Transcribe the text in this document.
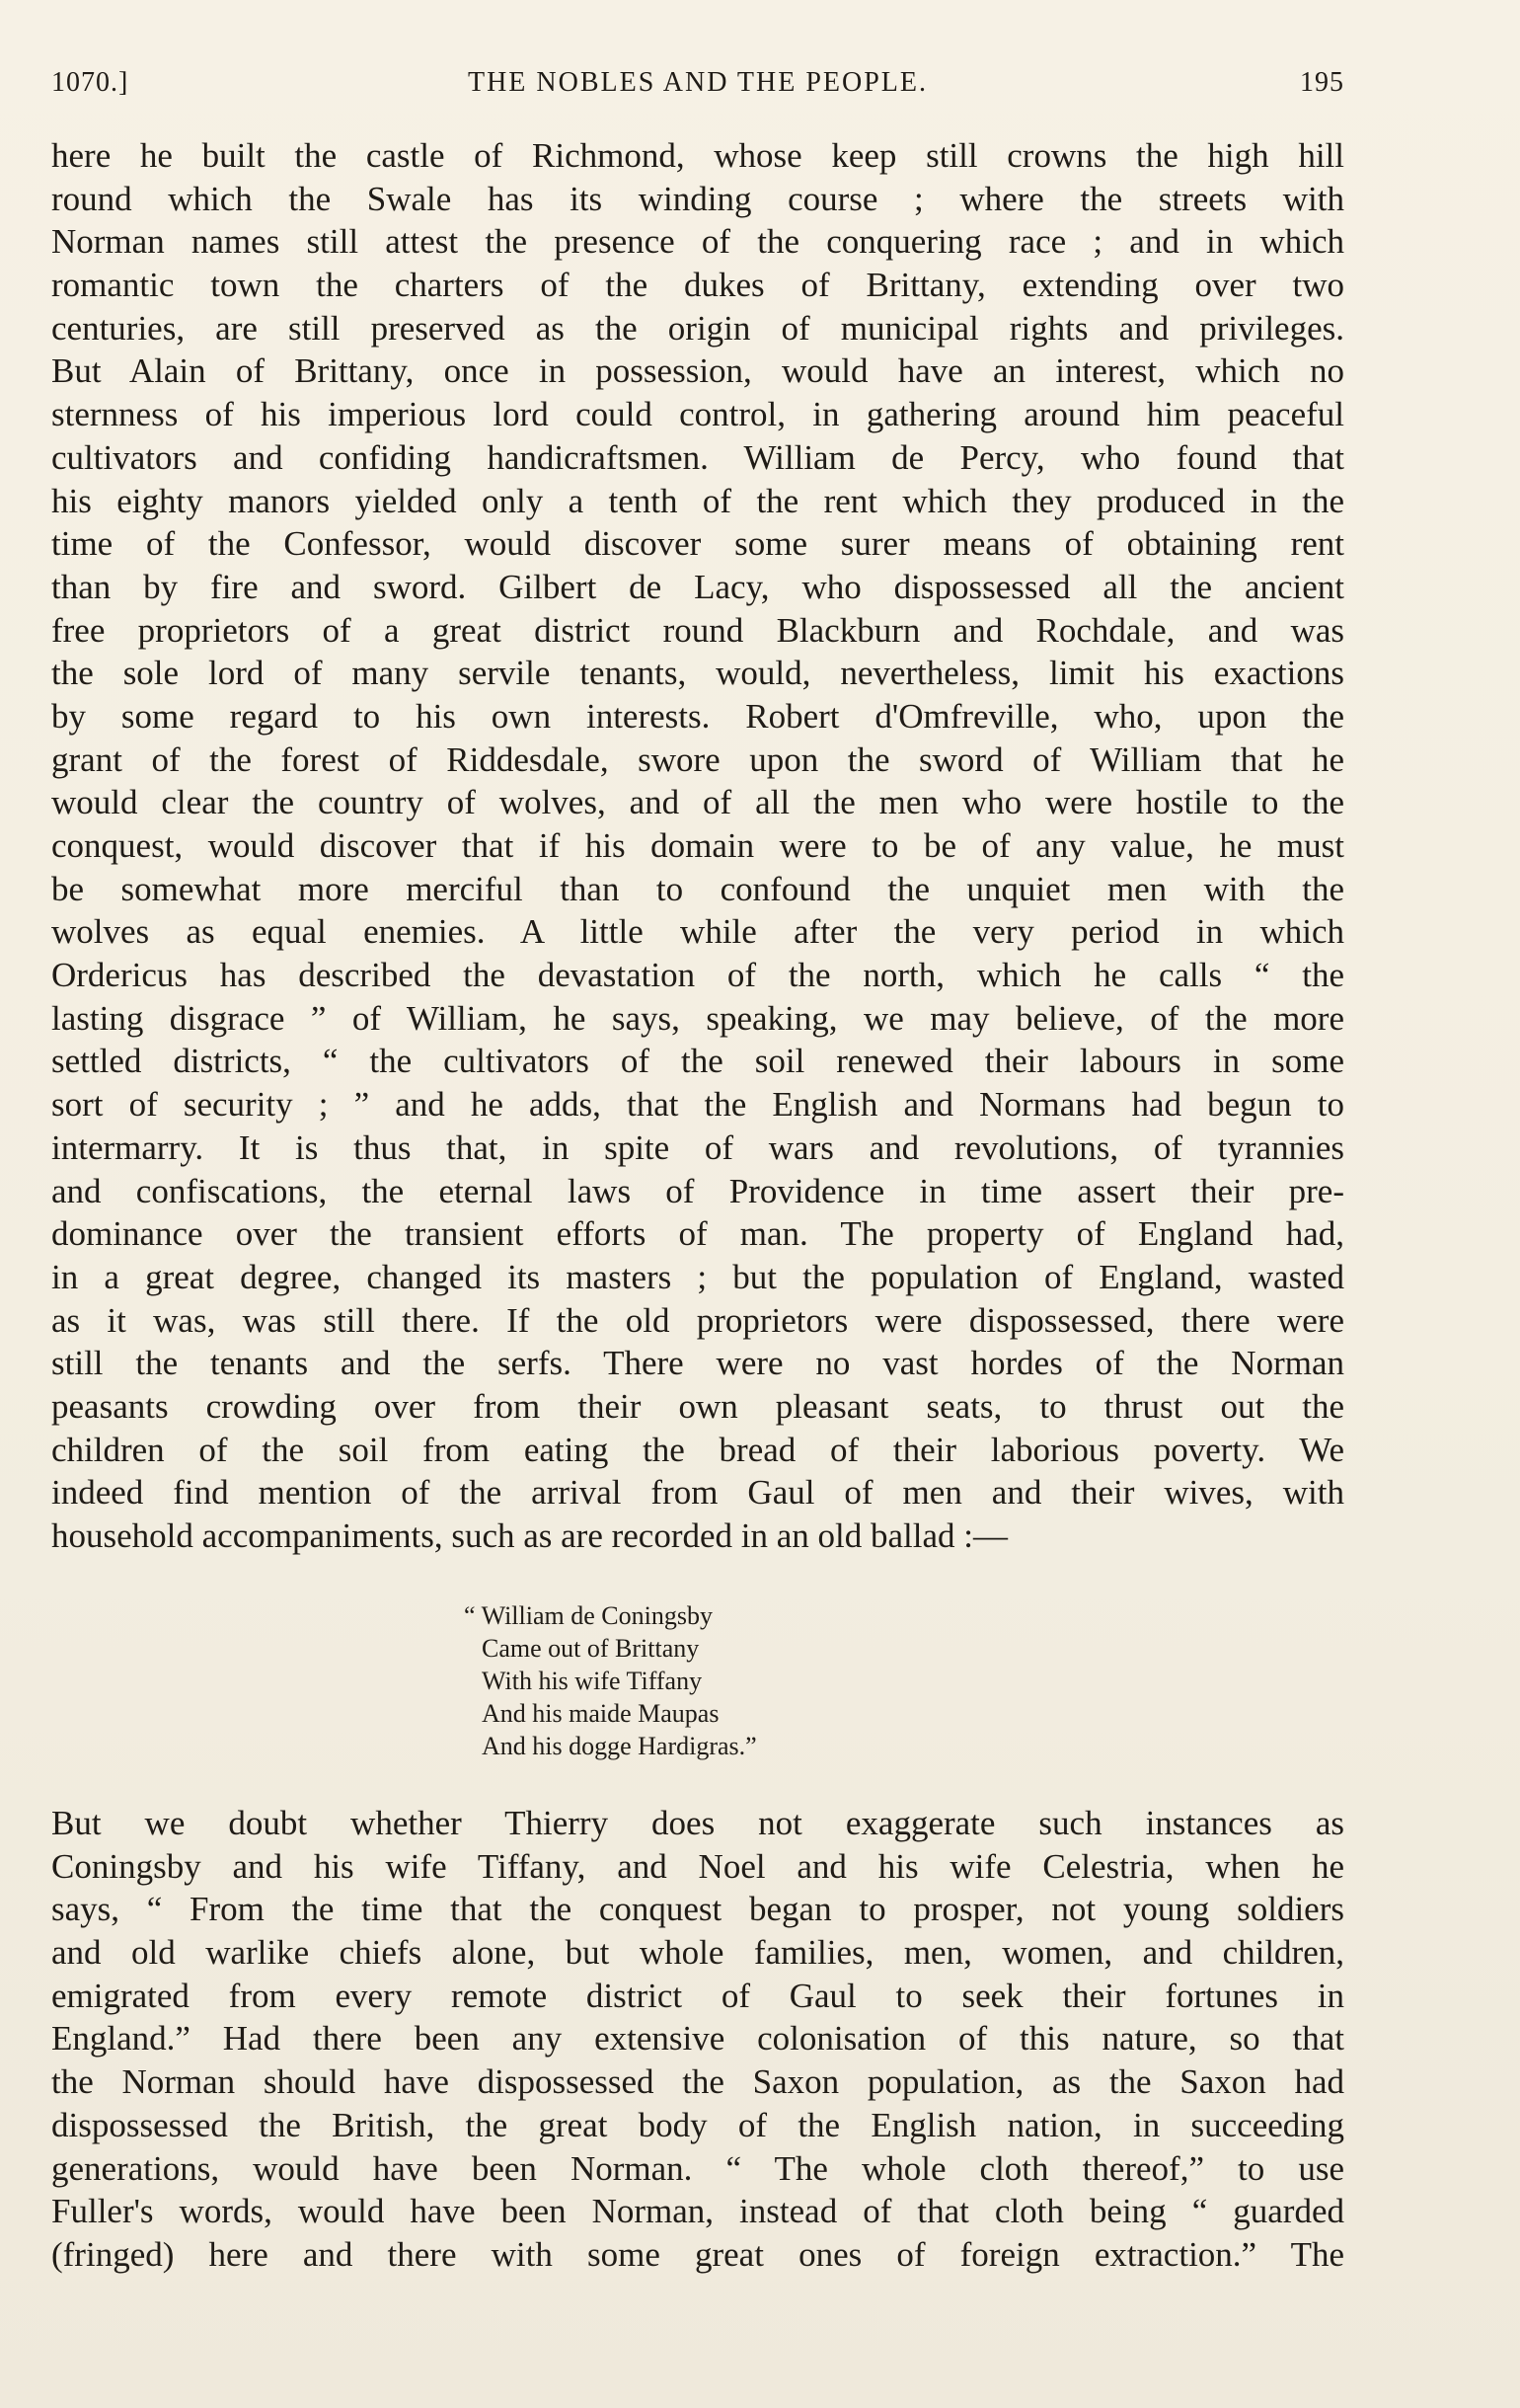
1070.]	THE NOBLES AND THE PEOPLE.	195
here he built the castle of Richmond, whose keep still crowns the high hill
round which the Swale has its winding course ; where the streets with
Norman names still attest the presence of the conquering race ; and in which
romantic town the charters of the dukes of Brittany, extending over two
centuries, are still preserved as the origin of municipal rights and privileges.
But Alain of Brittany, once in possession, would have an interest, which no
sternness of his imperious lord could control, in gathering around him peaceful
cultivators and confiding handicraftsmen. William de Percy, who found that
his eighty manors yielded only a tenth of the rent which they produced in the
time of the Confessor, would discover some surer means of obtaining rent
than by fire and sword. Gilbert de Lacy, who dispossessed all the ancient
free proprietors of a great district round Blackburn and Rochdale, and was
the sole lord of many servile tenants, would, nevertheless, limit his exactions
by some regard to his own interests. Robert d'Omfreville, who, upon the
grant of the forest of Riddesdale, swore upon the sword of William that he
would clear the country of wolves, and of all the men who were hostile to the
conquest, would discover that if his domain were to be of any value, he must
be somewhat more merciful than to confound the unquiet men with the
wolves as equal enemies. A little while after the very period in which
Ordericus has described the devastation of the north, which he calls “ the
lasting disgrace ” of William, he says, speaking, we may believe, of the more
settled districts, “ the cultivators of the soil renewed their labours in some
sort of security ; ” and he adds, that the English and Normans had begun to
intermarry. It is thus that, in spite of wars and revolutions, of tyrannies
and confiscations, the eternal laws of Providence in time assert their pre-
dominance over the transient efforts of man. The property of England had,
in a great degree, changed its masters ; but the population of England, wasted
as it was, was still there. If the old proprietors were dispossessed, there were
still the tenants and the serfs. There were no vast hordes of the Norman
peasants crowding over from their own pleasant seats, to thrust out the
children of the soil from eating the bread of their laborious poverty. We
indeed find mention of the arrival from Gaul of men and their wives, with
household accompaniments, such as are recorded in an old ballad :—
“ William de Coningsby
Came out of Brittany
With his wife Tiffany
And his maide Maupas
And his dogge Hardigras.”
But we doubt whether Thierry does not exaggerate such instances as
Coningsby and his wife Tiffany, and Noel and his wife Celestria, when he
says, “ From the time that the conquest began to prosper, not young soldiers
and old warlike chiefs alone, but whole families, men, women, and children,
emigrated from every remote district of Gaul to seek their fortunes in
England.” Had there been any extensive colonisation of this nature, so that
the Norman should have dispossessed the Saxon population, as the Saxon had
dispossessed the British, the great body of the English nation, in succeeding
generations, would have been Norman. “ The whole cloth thereof,” to use
Fuller's words, would have been Norman, instead of that cloth being “ guarded
(fringed) here and there with some great ones of foreign extraction.” The
